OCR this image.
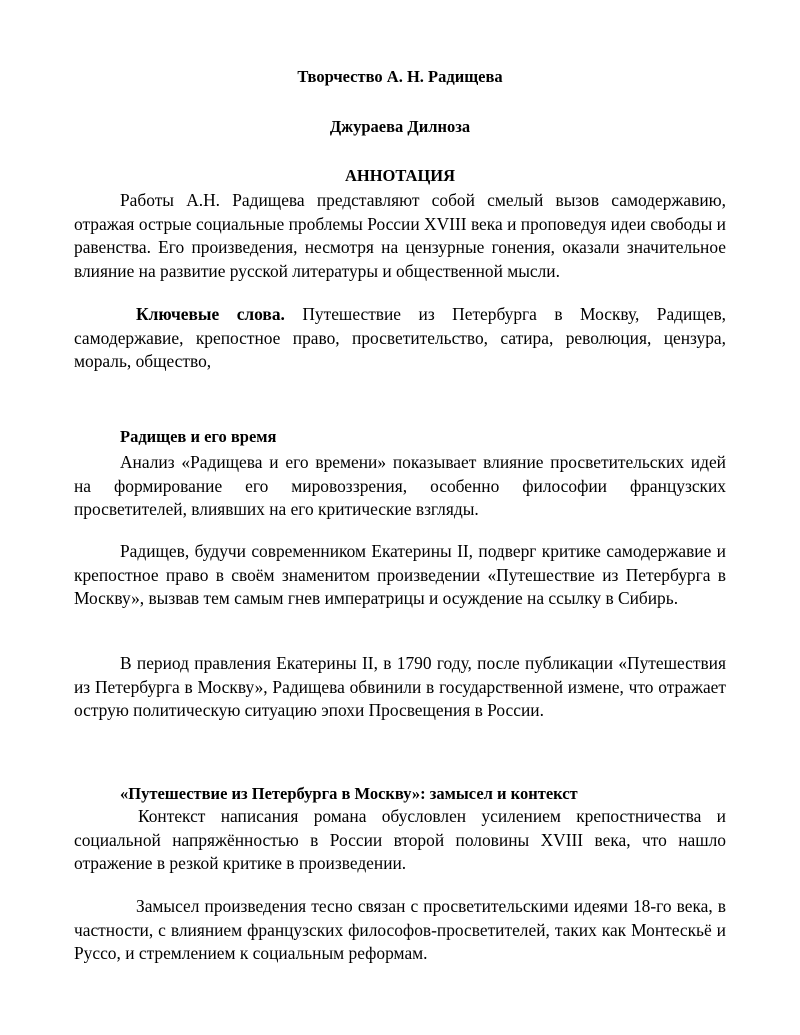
Творчество А. Н. Радищева

Джураева Дилноза

АННОТАЦИЯ

Работы А.Н. Радищева представляют собой смелый вызов самодержавию, отражая острые социальные проблемы России XVIII века и проповедуя идеи свободы и равенства. Его произведения, несмотря на цензурные гонения, оказали значительное влияние на развитие русской литературы и общественной мысли.

Ключевые слова. Путешествие из Петербурга в Москву, Радищев, самодержавие, крепостное право, просветительство, сатира, революция, цензура, мораль, общество,

Радищев и его время

Анализ «Радищева и его времени» показывает влияние просветительских идей на формирование его мировоззрения, особенно философии французских просветителей, влиявших на его критические взгляды.

Радищев, будучи современником Екатерины II, подверг критике самодержавие и крепостное право в своём знаменитом произведении «Путешествие из Петербурга в Москву», вызвав тем самым гнев императрицы и осуждение на ссылку в Сибирь.

В период правления Екатерины II, в 1790 году, после публикации «Путешествия из Петербурга в Москву», Радищева обвинили в государственной измене, что отражает острую политическую ситуацию эпохи Просвещения в России.

«Путешествие из Петербурга в Москву»: замысел и контекст

Контекст написания романа обусловлен усилением крепостничества и социальной напряжённостью в России второй половины XVIII века, что нашло отражение в резкой критике в произведении.

Замысел произведения тесно связан с просветительскими идеями 18-го века, в частности, с влиянием французских философов-просветителей, таких как Монтескьё и Руссо, и стремлением к социальным реформам.
